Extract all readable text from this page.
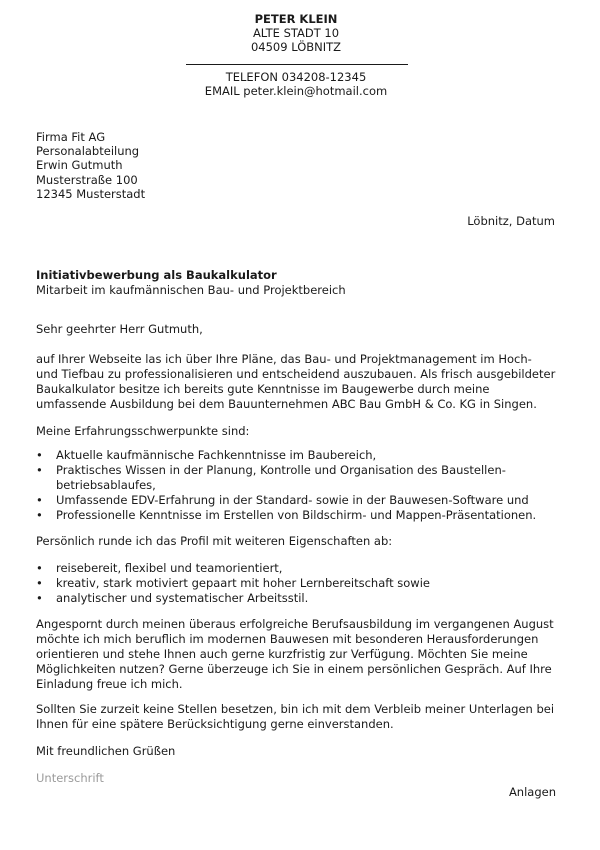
PETER KLEIN
ALTE STADT 10
04509 LÖBNITZ
TELEFON 034208-12345
EMAIL peter.klein@hotmail.com
Firma Fit AG
Personalabteilung
Erwin Gutmuth
Musterstraße 100
12345 Musterstadt
Löbnitz, Datum
Initiativbewerbung als Baukalkulator
Mitarbeit im kaufmännischen Bau- und Projektbereich
Sehr geehrter Herr Gutmuth,

auf Ihrer Webseite las ich über Ihre Pläne, das Bau- und Projektmanagement im Hoch-

und Tiefbau zu professionalisieren und entscheidend auszubauen. Als frisch ausgebildeter

Baukalkulator besitze ich bereits gute Kenntnisse im Baugewerbe durch meine

umfassende Ausbildung bei dem Bauunternehmen ABC Bau GmbH & Co. KG in Singen.

Meine Erfahrungsschwerpunkte sind:
• Aktuelle kaufmännische Fachkenntnisse im Baubereich,
• Praktisches Wissen in der Planung, Kontrolle und Organisation des Baustellen-
betriebsablaufes,
• Umfassende EDV-Erfahrung in der Standard- sowie in der Bauwesen-Software und
• Professionelle Kenntnisse im Erstellen von Bildschirm- und Mappen-Präsentationen.
Persönlich runde ich das Profil mit weiteren Eigenschaften ab:
• reisebereit, flexibel und teamorientiert,
• kreativ, stark motiviert gepaart mit hoher Lernbereitschaft sowie
• analytischer und systematischer Arbeitsstil.

Angespornt durch meinen überaus erfolgreiche Berufsausbildung im vergangenen August

möchte ich mich beruflich im modernen Bauwesen mit besonderen Herausforderungen

orientieren und stehe Ihnen auch gerne kurzfristig zur Verfügung. Möchten Sie meine

Möglichkeiten nutzen? Gerne überzeuge ich Sie in einem persönlichen Gespräch. Auf Ihre

Einladung freue ich mich.

Sollten Sie zurzeit keine Stellen besetzen, bin ich mit dem Verbleib meiner Unterlagen bei

Ihnen für eine spätere Berücksichtigung gerne einverstanden.

Mit freundlichen Grüßen
Unterschrift
Anlagen
